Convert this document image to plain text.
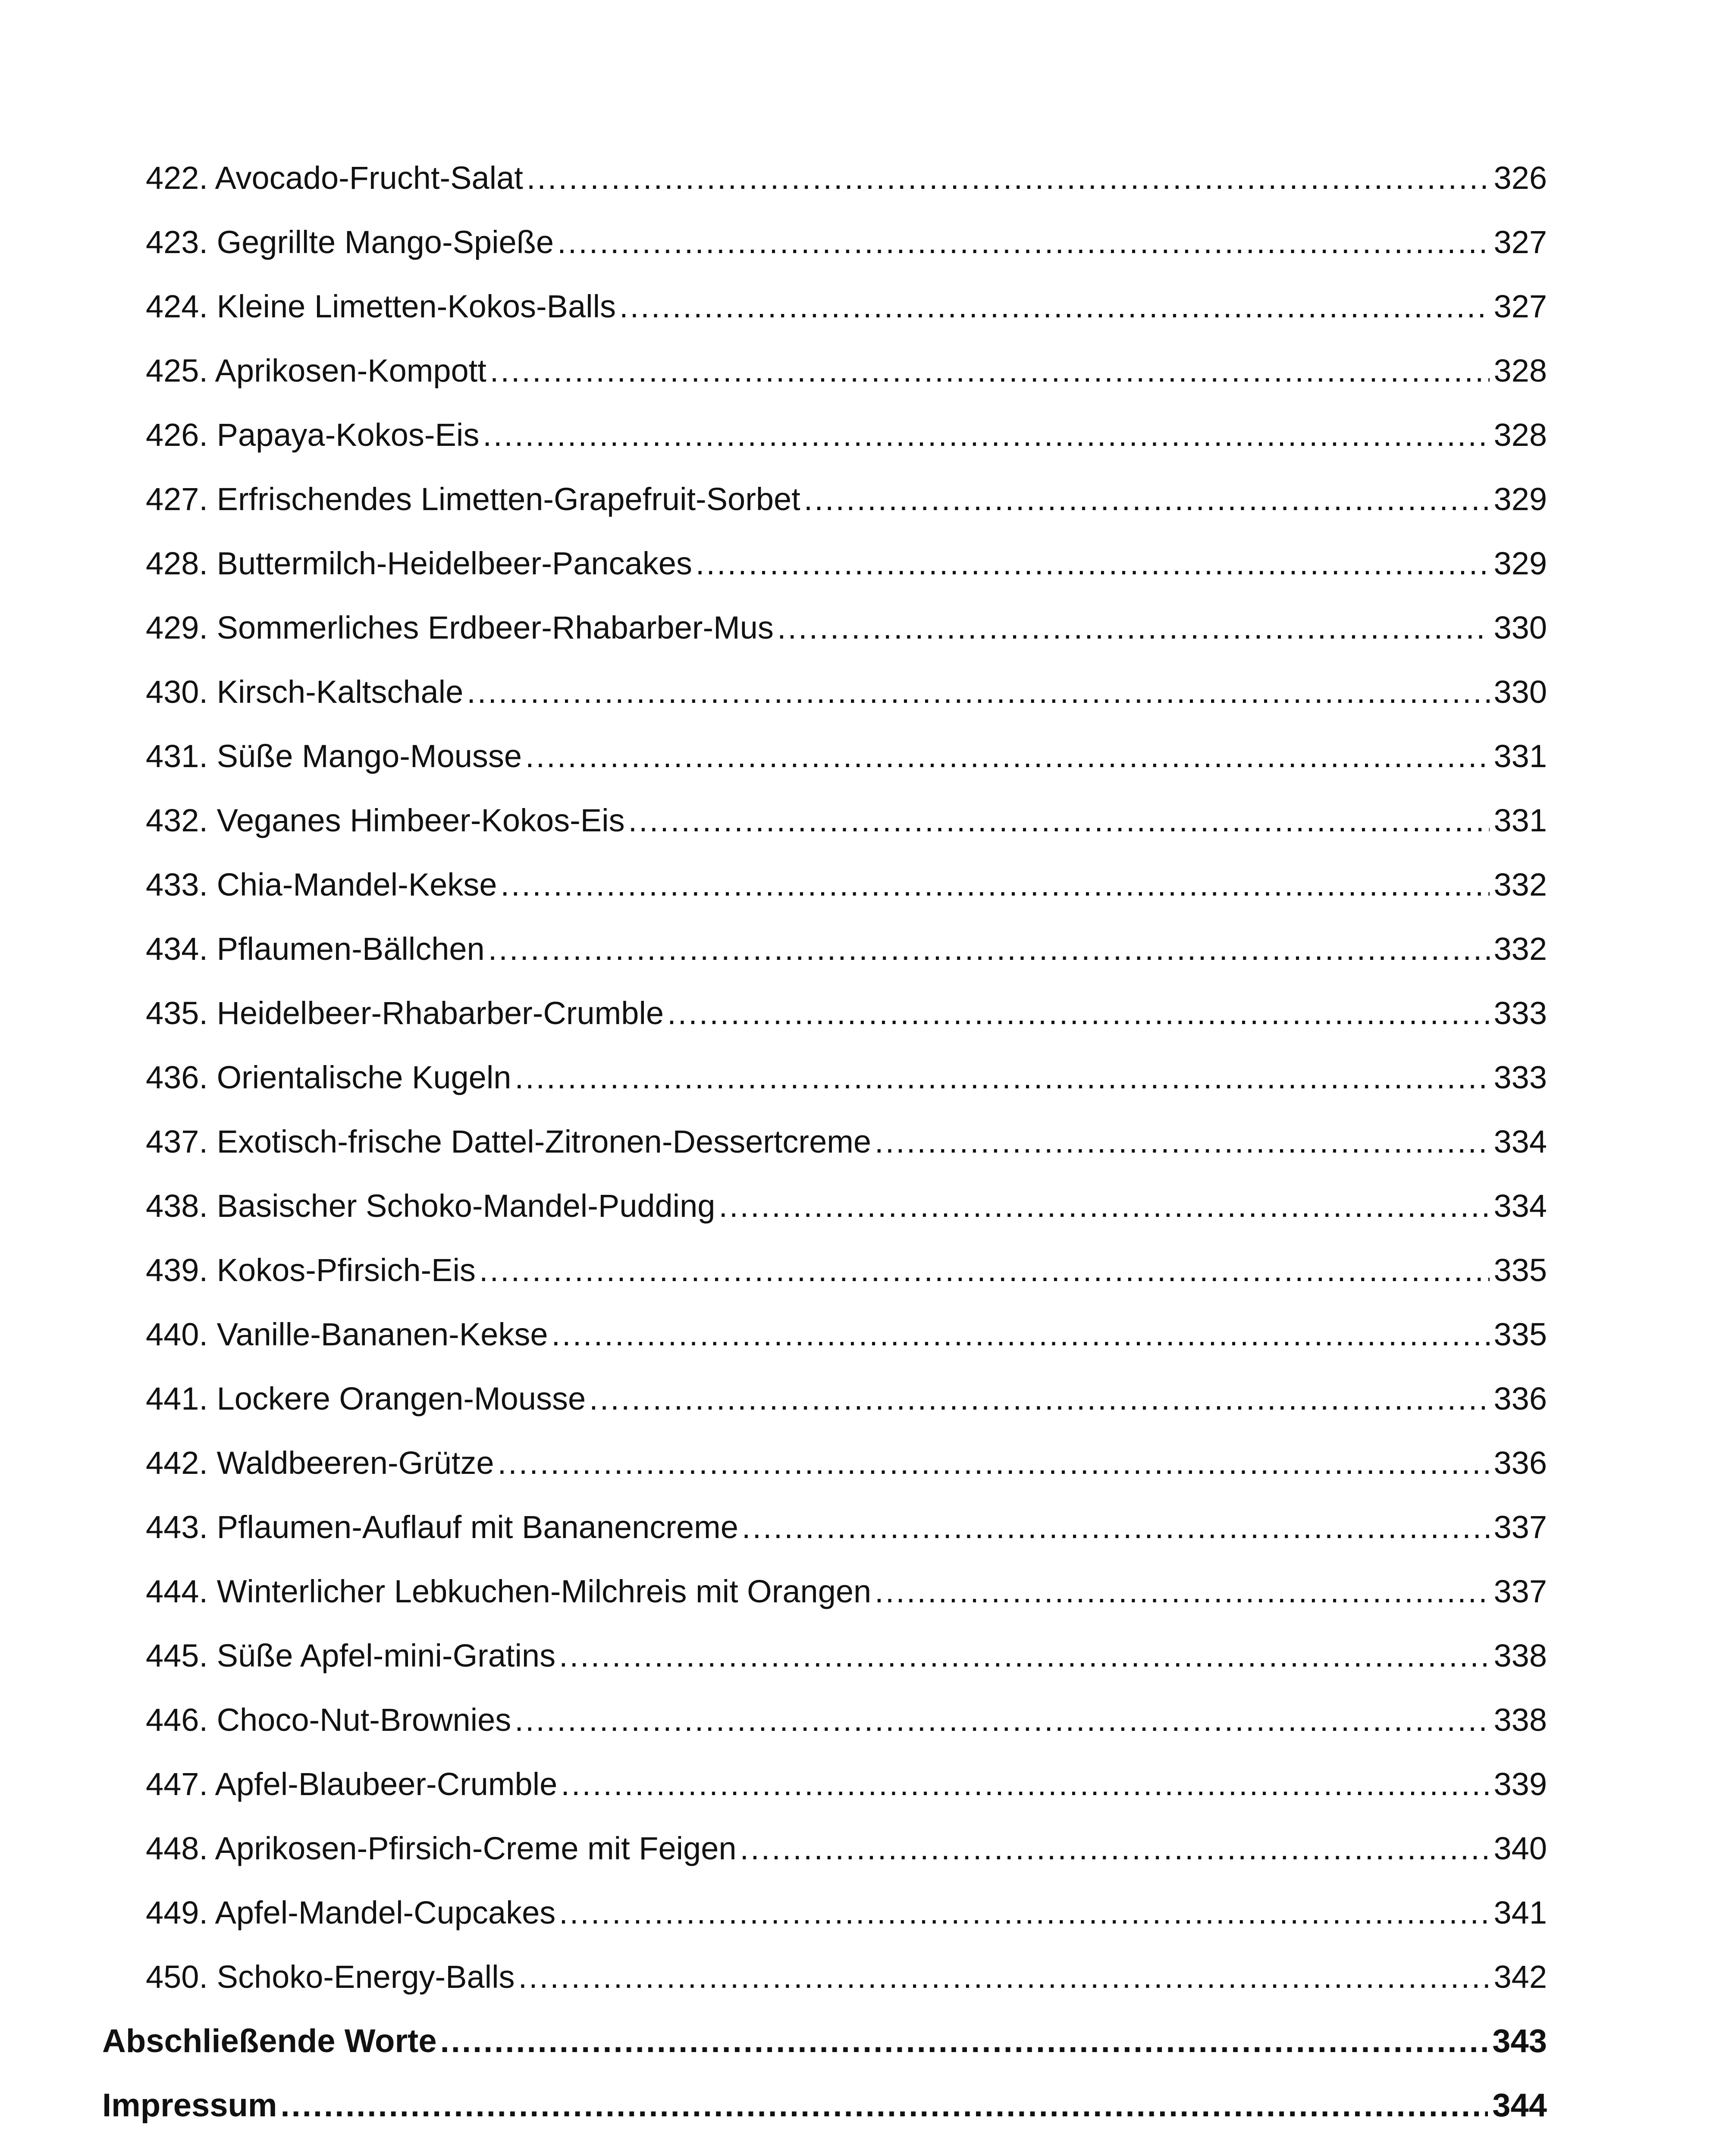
422. Avocado-Frucht-Salat .....	326
423. Gegrillte Mango-Spieße .....	327
424. Kleine Limetten-Kokos-Balls .....	327
425. Aprikosen-Kompott .....	328
426. Papaya-Kokos-Eis .....	328
427. Erfrischendes Limetten-Grapefruit-Sorbet .....	329
428. Buttermilch-Heidelbeer-Pancakes .....	329
429. Sommerliches Erdbeer-Rhabarber-Mus .....	330
430. Kirsch-Kaltschale .....	330
431. Süße Mango-Mousse .....	331
432. Veganes Himbeer-Kokos-Eis .....	331
433. Chia-Mandel-Kekse .....	332
434. Pflaumen-Bällchen .....	332
435. Heidelbeer-Rhabarber-Crumble .....	333
436. Orientalische Kugeln .....	333
437. Exotisch-frische Dattel-Zitronen-Dessertcreme .....	334
438. Basischer Schoko-Mandel-Pudding .....	334
439. Kokos-Pfirsich-Eis .....	335
440. Vanille-Bananen-Kekse .....	335
441. Lockere Orangen-Mousse .....	336
442. Waldbeeren-Grütze .....	336
443. Pflaumen-Auflauf mit Bananencreme .....	337
444. Winterlicher Lebkuchen-Milchreis mit Orangen .....	337
445. Süße Apfel-mini-Gratins .....	338
446. Choco-Nut-Brownies .....	338
447. Apfel-Blaubeer-Crumble .....	339
448. Aprikosen-Pfirsich-Creme mit Feigen .....	340
449. Apfel-Mandel-Cupcakes .....	341
450. Schoko-Energy-Balls .....	342
Abschließende Worte .....	343
Impressum .....	344
